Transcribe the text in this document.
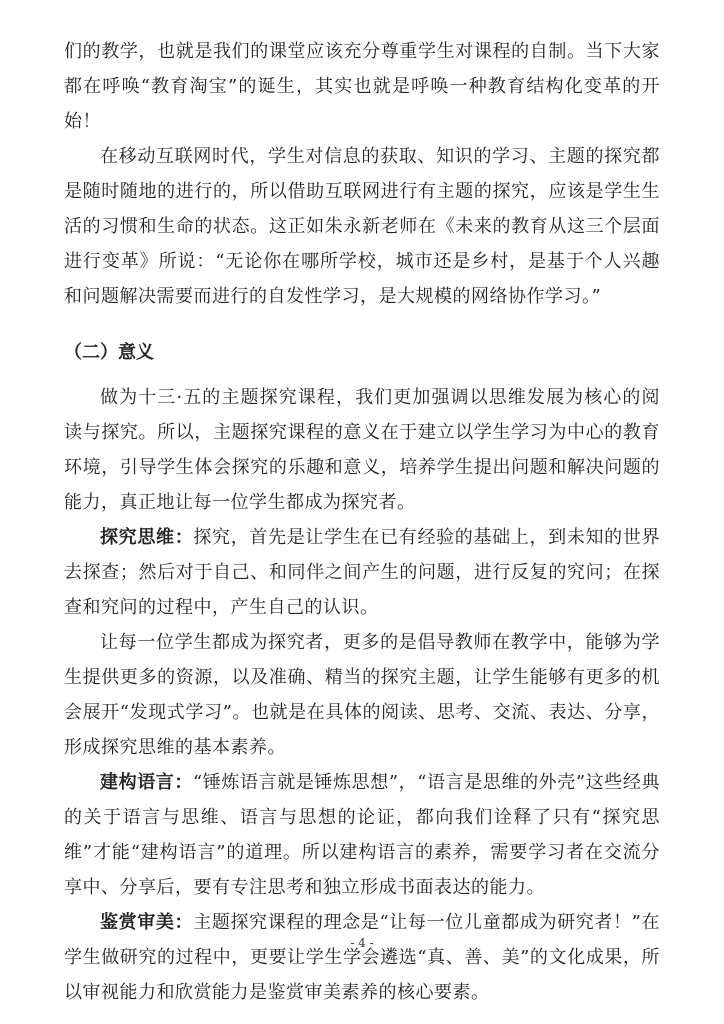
们的教学，也就是我们的课堂应该充分尊重学生对课程的自制。当下大家都在呼唤“教育淘宝”的诞生，其实也就是呼唤一种教育结构化变革的开始！

在移动互联网时代，学生对信息的获取、知识的学习、主题的探究都是随时随地的进行的，所以借助互联网进行有主题的探究，应该是学生生活的习惯和生命的状态。这正如朱永新老师在《未来的教育从这三个层面进行变革》所说：“无论你在哪所学校，城市还是乡村，是基于个人兴趣和问题解决需要而进行的自发性学习，是大规模的网络协作学习。”

（二）意义

做为十三·五的主题探究课程，我们更加强调以思维发展为核心的阅读与探究。所以，主题探究课程的意义在于建立以学生学习为中心的教育环境，引导学生体会探究的乐趣和意义，培养学生提出问题和解决问题的能力，真正地让每一位学生都成为探究者。

探究思维：探究，首先是让学生在已有经验的基础上，到未知的世界去探查；然后对于自己、和同伴之间产生的问题，进行反复的究问；在探查和究问的过程中，产生自己的认识。

让每一位学生都成为探究者，更多的是倡导教师在教学中，能够为学生提供更多的资源，以及准确、精当的探究主题，让学生能够有更多的机会展开“发现式学习”。也就是在具体的阅读、思考、交流、表达、分享，形成探究思维的基本素养。

建构语言：“锤炼语言就是锤炼思想”，“语言是思维的外壳”这些经典的关于语言与思维、语言与思想的论证，都向我们诠释了只有“探究思维”才能“建构语言”的道理。所以建构语言的素养，需要学习者在交流分享中、分享后，要有专注思考和独立形成书面表达的能力。

鉴赏审美：主题探究课程的理念是“让每一位儿童都成为研究者！”在学生做研究的过程中，更要让学生学会遴选“真、善、美”的文化成果，所以审视能力和欣赏能力是鉴赏审美素养的核心要素。

- 4 -
